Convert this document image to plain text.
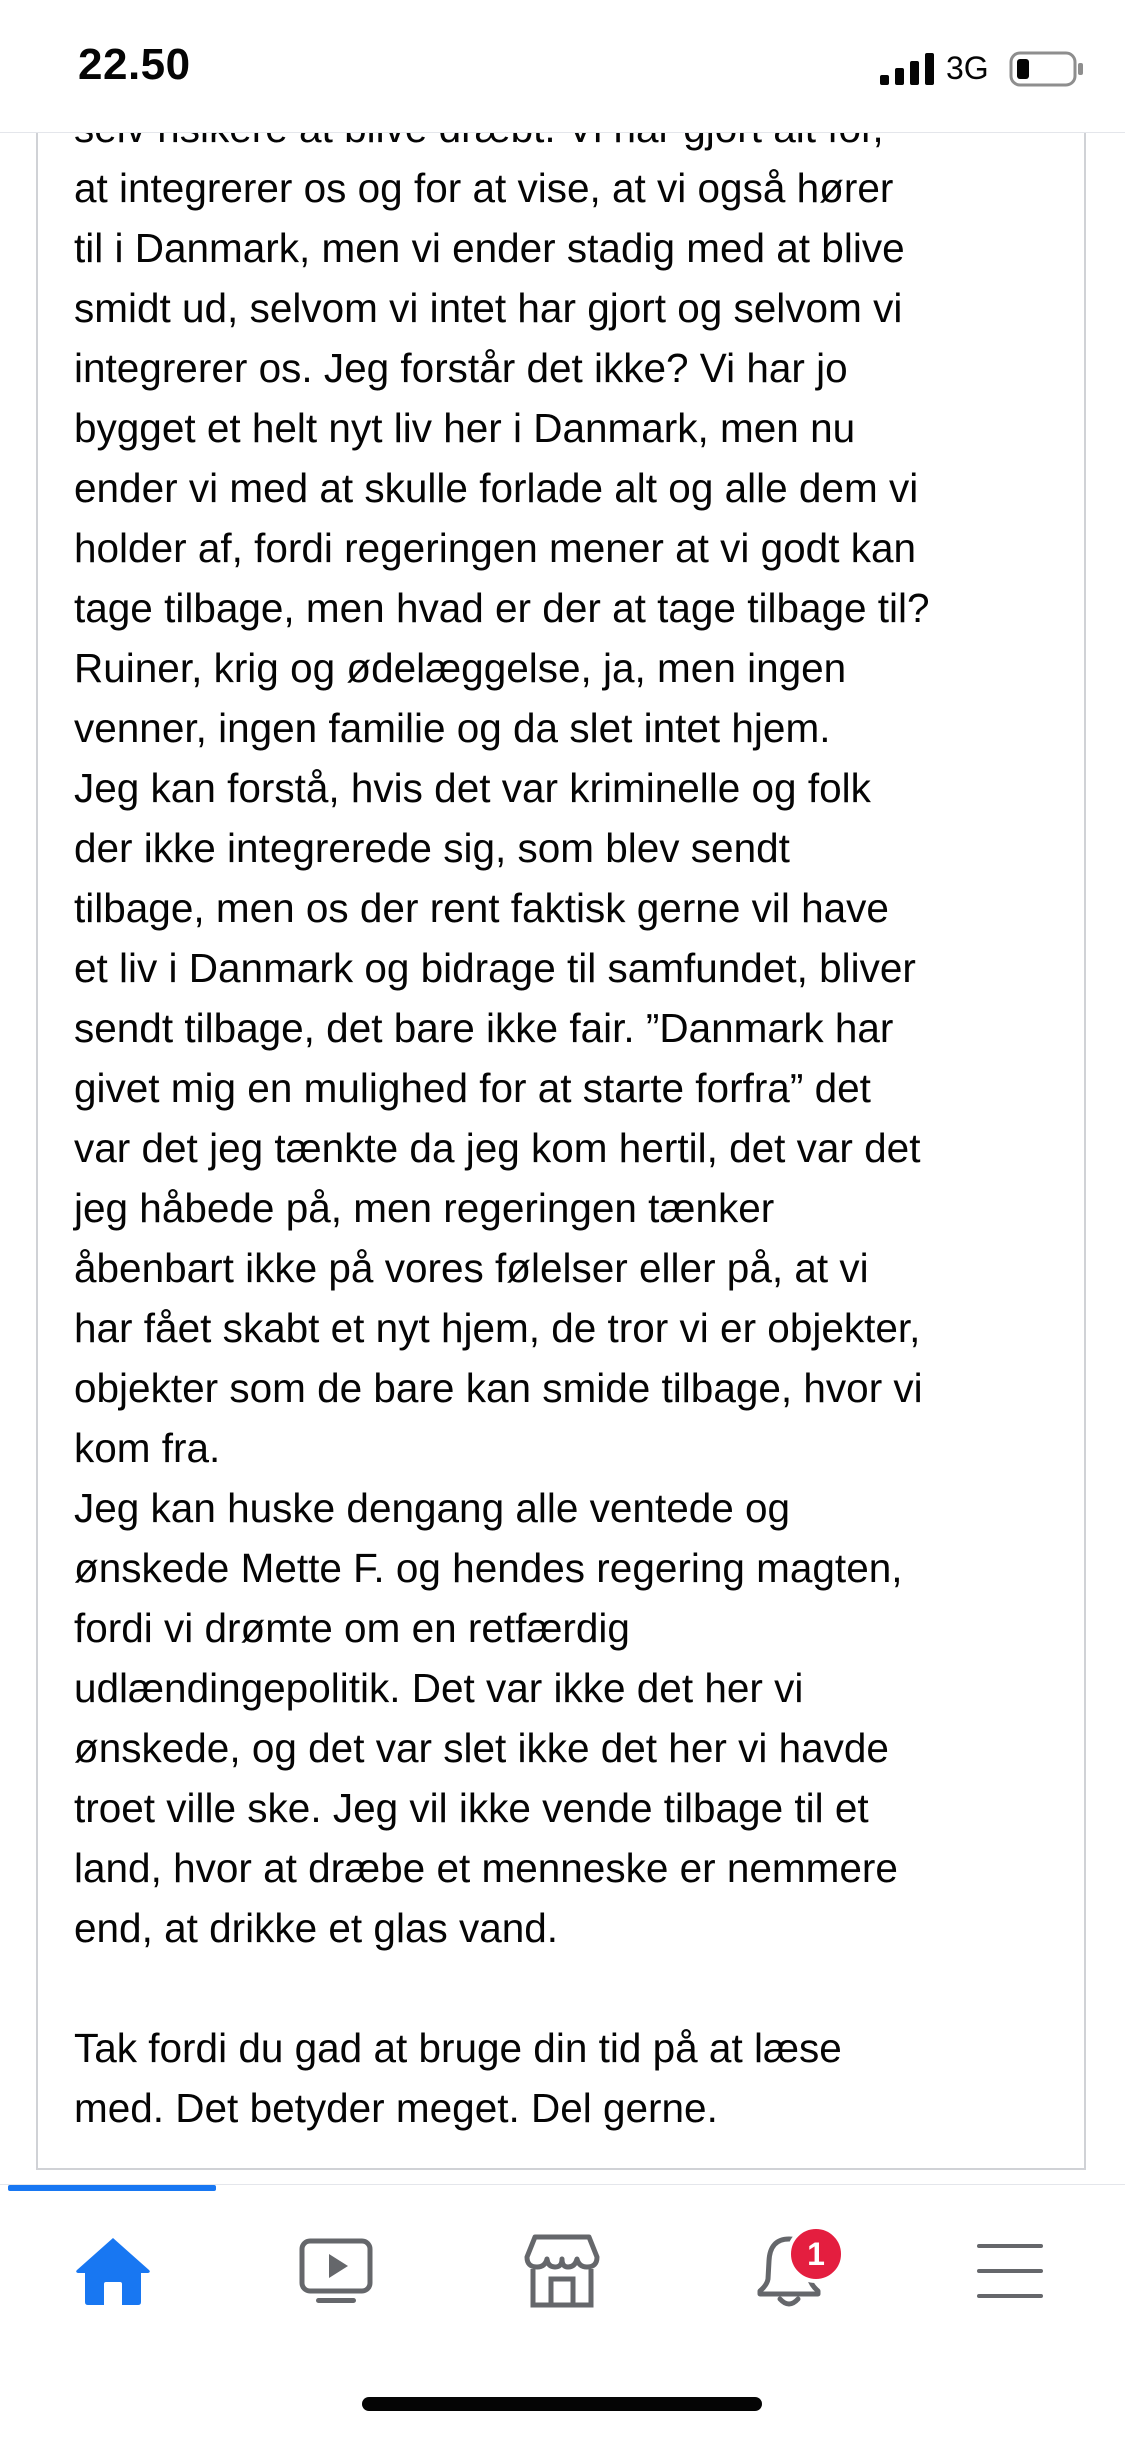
22.50	3G
at integrerer os og for at vise, at vi også hører
til i Danmark, men vi ender stadig med at blive
smidt ud, selvom vi intet har gjort og selvom vi
integrerer os. Jeg forstår det ikke? Vi har jo
bygget et helt nyt liv her i Danmark, men nu
ender vi med at skulle forlade alt og alle dem vi
holder af, fordi regeringen mener at vi godt kan
tage tilbage, men hvad er der at tage tilbage til?
Ruiner, krig og ødelæggelse, ja, men ingen
venner, ingen familie og da slet intet hjem.
Jeg kan forstå, hvis det var kriminelle og folk
der ikke integrerede sig, som blev sendt
tilbage, men os der rent faktisk gerne vil have
et liv i Danmark og bidrage til samfundet, bliver
sendt tilbage, det bare ikke fair. ”Danmark har
givet mig en mulighed for at starte forfra” det
var det jeg tænkte da jeg kom hertil, det var det
jeg håbede på, men regeringen tænker
åbenbart ikke på vores følelser eller på, at vi
har fået skabt et nyt hjem, de tror vi er objekter,
objekter som de bare kan smide tilbage, hvor vi
kom fra.
Jeg kan huske dengang alle ventede og
ønskede Mette F. og hendes regering magten,
fordi vi drømte om en retfærdig
udlændingepolitik. Det var ikke det her vi
ønskede, og det var slet ikke det her vi havde
troet ville ske. Jeg vil ikke vende tilbage til et
land, hvor at dræbe et menneske er nemmere
end, at drikke et glas vand.
Tak fordi du gad at bruge din tid på at læse
med. Det betyder meget. Del gerne.
1
